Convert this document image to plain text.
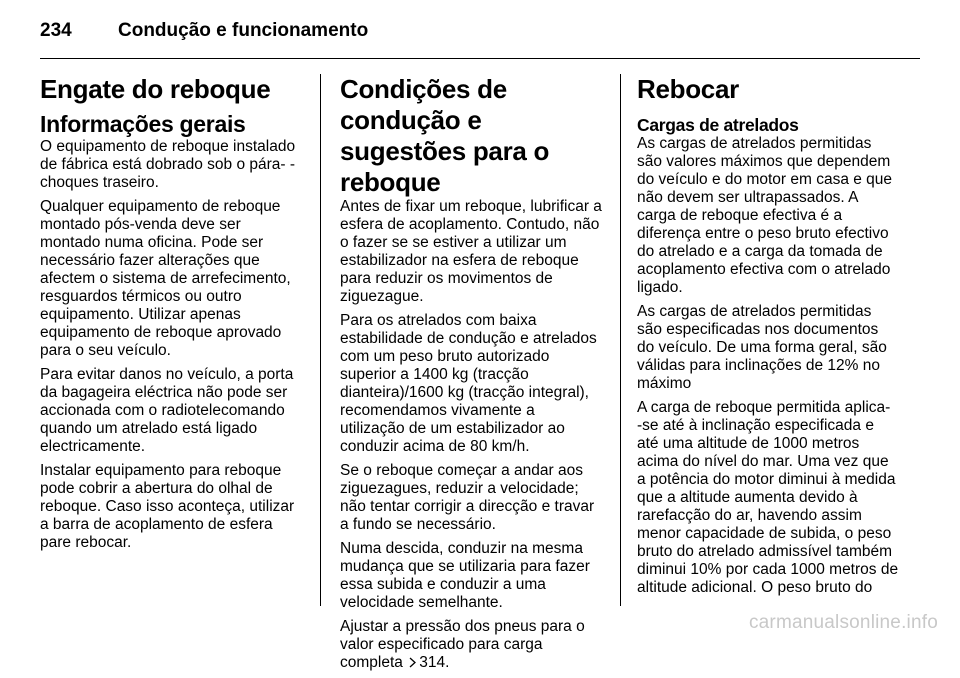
234 Condução e funcionamento
Engate do reboque
Informações gerais

O equipamento de reboque instalado de fábrica está dobrado sob o pára- -choques traseiro.

Qualquer equipamento de reboque montado pós-venda deve ser montado numa oficina. Pode ser necessário fazer alterações que afectem o sistema de arrefecimento, resguardos térmicos ou outro equipamento. Utilizar apenas equipamento de reboque aprovado para o seu veículo.

Para evitar danos no veículo, a porta da bagageira eléctrica não pode ser accionada com o radiotelecomando quando um atrelado está ligado electricamente.

Instalar equipamento para reboque pode cobrir a abertura do olhal de reboque. Caso isso aconteça, utilizar a barra de acoplamento de esfera pare rebocar.

Condições de condução e sugestões para o reboque

Antes de fixar um reboque, lubrificar a esfera de acoplamento. Contudo, não o fazer se se estiver a utilizar um estabilizador na esfera de reboque para reduzir os movimentos de ziguezague.

Para os atrelados com baixa estabilidade de condução e atrelados com um peso bruto autorizado superior a 1400 kg (tracção dianteira)/1600 kg (tracção integral), recomendamos vivamente a utilização de um estabilizador ao conduzir acima de 80 km/h.

Se o reboque começar a andar aos ziguezagues, reduzir a velocidade; não tentar corrigir a direcção e travar a fundo se necessário.

Numa descida, conduzir na mesma mudança que se utilizaria para fazer essa subida e conduzir a uma velocidade semelhante.

Ajustar a pressão dos pneus para o valor especificado para carga completa 314.

Rebocar
Cargas de atrelados

As cargas de atrelados permitidas são valores máximos que dependem do veículo e do motor em casa e que não devem ser ultrapassados. A carga de reboque efectiva é a diferença entre o peso bruto efectivo do atrelado e a carga da tomada de acoplamento efectiva com o atrelado ligado.

As cargas de atrelados permitidas são especificadas nos documentos do veículo. De uma forma geral, são válidas para inclinações de 12% no máximo

A carga de reboque permitida aplica- -se até à inclinação especificada e até uma altitude de 1000 metros acima do nível do mar. Uma vez que a potência do motor diminui à medida que a altitude aumenta devido à rarefacção do ar, havendo assim menor capacidade de subida, o peso bruto do atrelado admissível também diminui 10% por cada 1000 metros de altitude adicional. O peso bruto do

carmanualsonline.info
